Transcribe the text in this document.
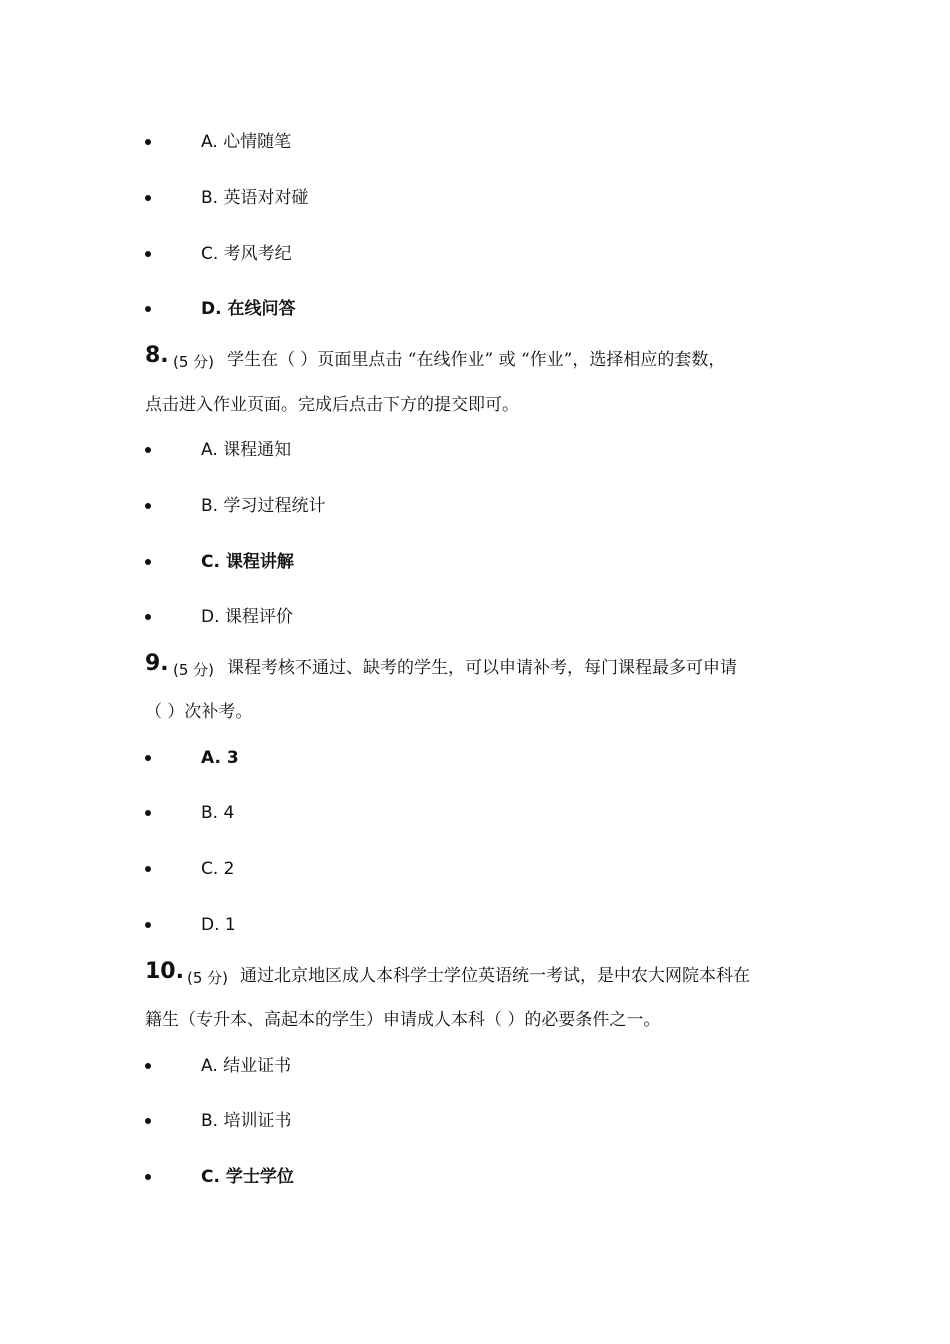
A. 心情随笔
B. 英语对对碰
C. 考风考纪
D. 在线问答
8. (5 分) 学生在（ ）页面里点击 “在线作业” 或 “作业”，选择相应的套数，
点击进入作业页面。完成后点击下方的提交即可。
A. 课程通知
B. 学习过程统计
C. 课程讲解
D. 课程评价
9. (5 分) 课程考核不通过、缺考的学生，可以申请补考，每门课程最多可申请
（ ）次补考。
A. 3
B. 4
C. 2
D. 1
10. (5 分) 通过北京地区成人本科学士学位英语统一考试，是中农大网院本科在
籍生（专升本、高起本的学生）申请成人本科（ ）的必要条件之一。
A. 结业证书
B. 培训证书
C. 学士学位
